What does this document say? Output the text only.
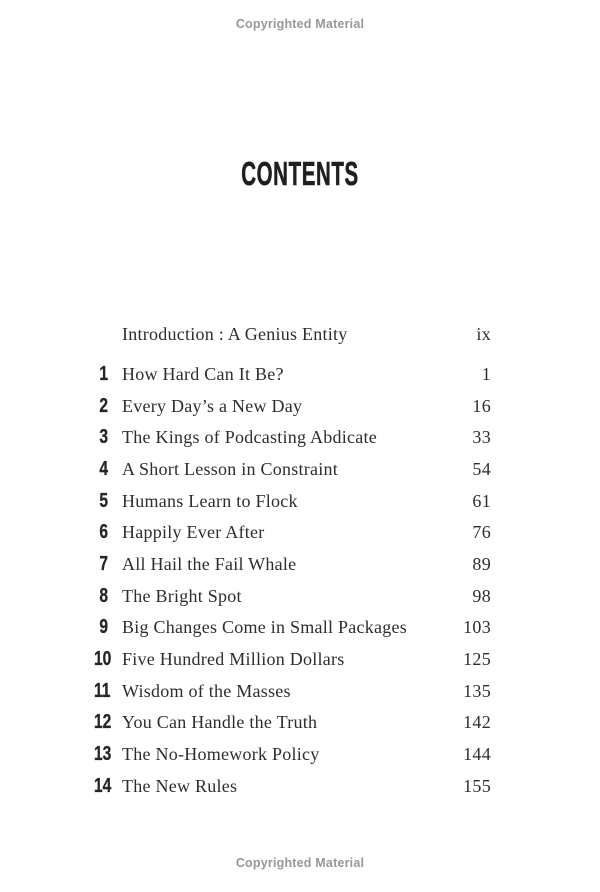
Copyrighted Material
CONTENTS
Introduction : A Genius Entity	ix
1 How Hard Can It Be?	1
2 Every Day’s a New Day	16
3 The Kings of Podcasting Abdicate	33
4 A Short Lesson in Constraint	54
5 Humans Learn to Flock	61
6 Happily Ever After	76
7 All Hail the Fail Whale	89
8 The Bright Spot	98
9 Big Changes Come in Small Packages	103
10 Five Hundred Million Dollars	125
11 Wisdom of the Masses	135
12 You Can Handle the Truth	142
13 The No-Homework Policy	144
14 The New Rules	155
Copyrighted Material
